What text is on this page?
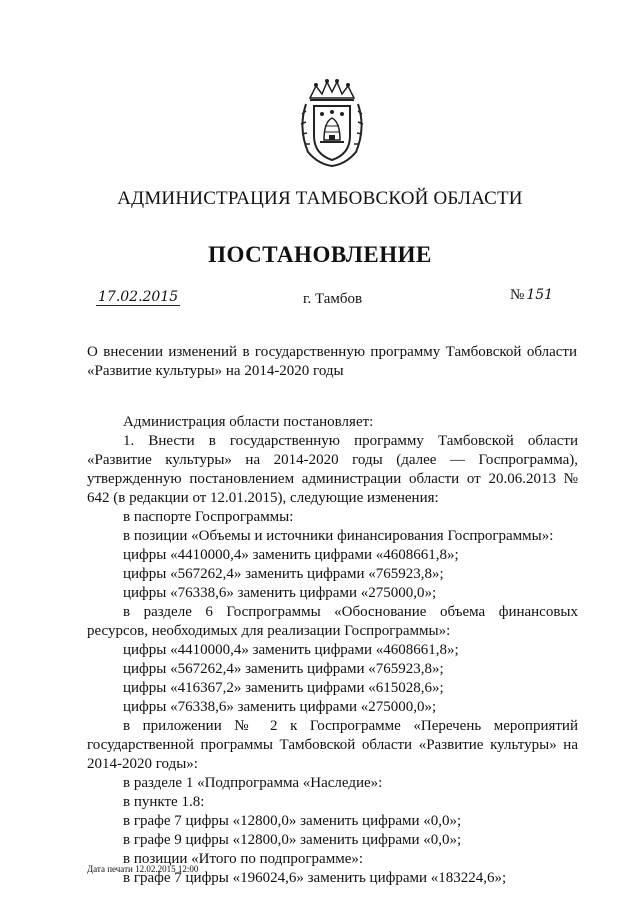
АДМИНИСТРАЦИЯ ТАМБОВСКОЙ ОБЛАСТИ
ПОСТАНОВЛЕНИЕ
17.02.2015	г. Тамбов	№ 151
О внесении изменений в государственную программу Тамбовской области
«Развитие культуры» на 2014-2020 годы

Администрация области постановляет:

1. Внести в государственную программу Тамбовской области «Развитие культуры» на 2014-2020 годы (далее — Госпрограмма), утвержденную постановлением администрации области от 20.06.2013 № 642 (в редакции от 12.01.2015), следующие изменения:

в паспорте Госпрограммы:

в позиции «Объемы и источники финансирования Госпрограммы»:

цифры «4410000,4» заменить цифрами «4608661,8»;

цифры «567262,4» заменить цифрами «765923,8»;

цифры «76338,6» заменить цифрами «275000,0»;

в разделе 6 Госпрограммы «Обоснование объема финансовых ресурсов, необходимых для реализации Госпрограммы»:

цифры «4410000,4» заменить цифрами «4608661,8»;

цифры «567262,4» заменить цифрами «765923,8»;

цифры «416367,2» заменить цифрами «615028,6»;

цифры «76338,6» заменить цифрами «275000,0»;

в приложении № 2 к Госпрограмме «Перечень мероприятий государственной программы Тамбовской области «Развитие культуры» на 2014-2020 годы»:

в разделе 1 «Подпрограмма «Наследие»:

в пункте 1.8:

в графе 7 цифры «12800,0» заменить цифрами «0,0»;

в графе 9 цифры «12800,0» заменить цифрами «0,0»;

в позиции «Итого по подпрограмме»:

в графе 7 цифры «196024,6» заменить цифрами «183224,6»;

Дата печати 12.02.2015 12:00
